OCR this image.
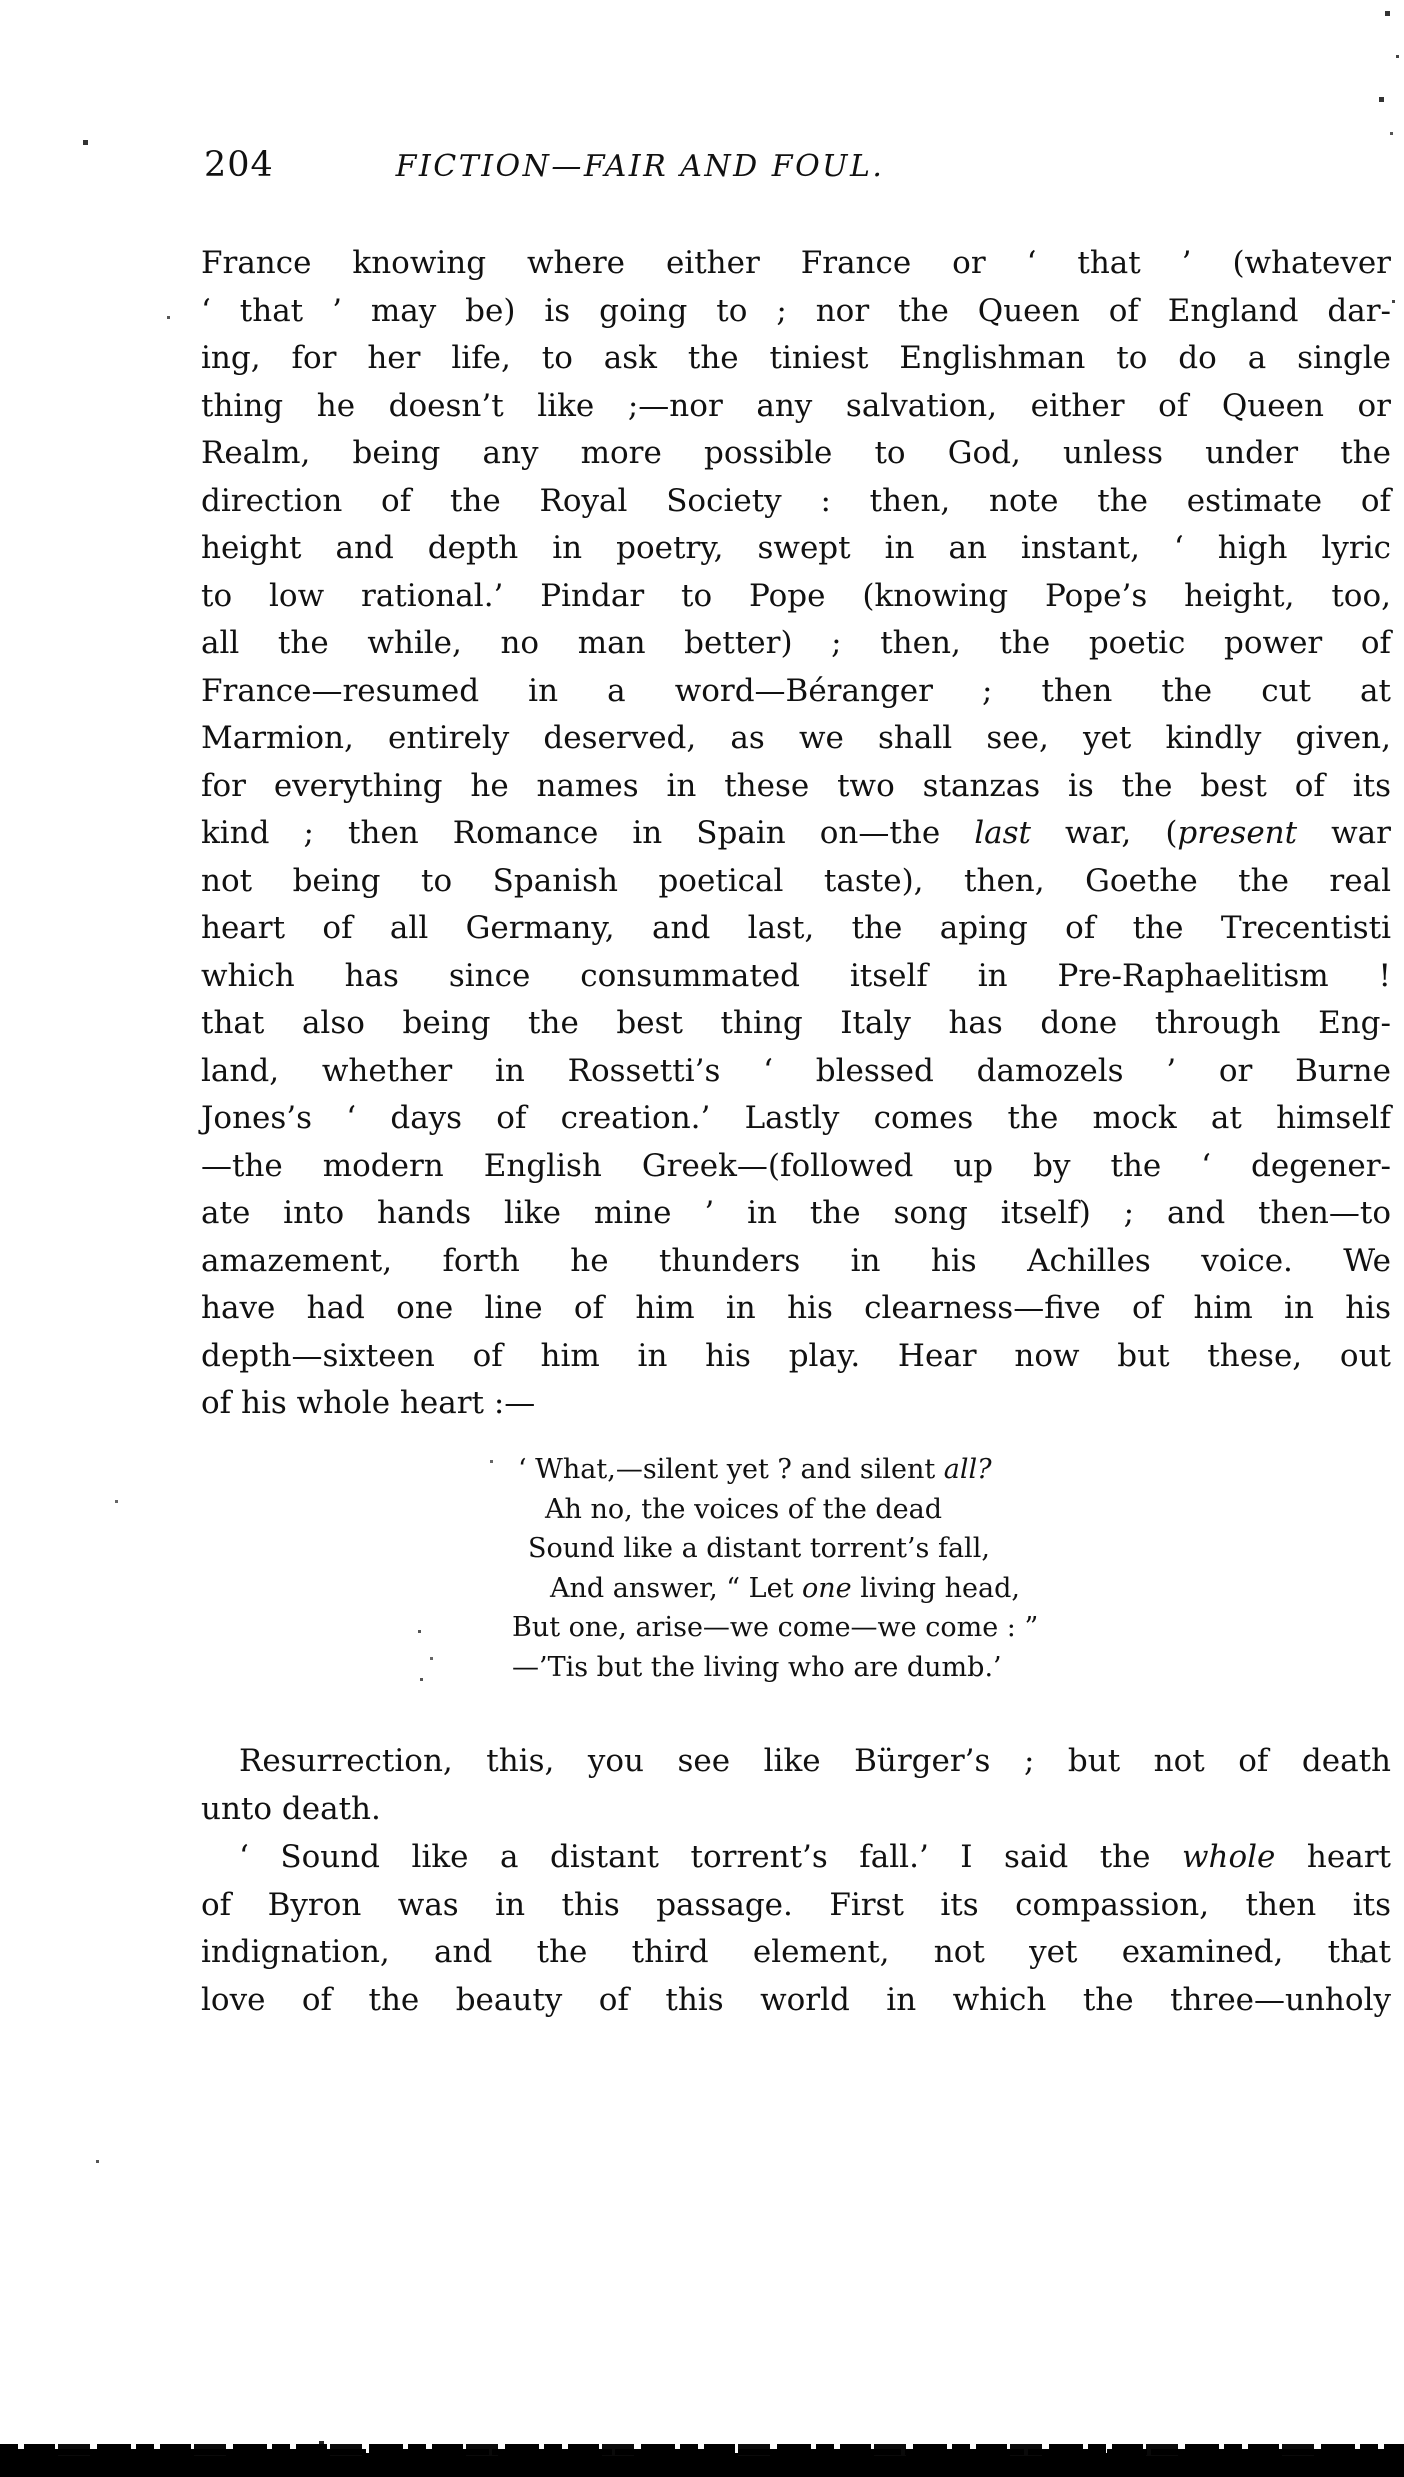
204	FICTION—FAIR AND FOUL.
France knowing where either France or ‘ that ’ (whatever
‘ that ’ may be) is going to ; nor the Queen of England dar-
ing, for her life, to ask the tiniest Englishman to do a single
thing he doesn’t like ;—nor any salvation, either of Queen or
Realm, being any more possible to God, unless under the
direction of the Royal Society : then, note the estimate of
height and depth in poetry, swept in an instant, ‘ high lyric
to low rational.’ Pindar to Pope (knowing Pope’s height, too,
all the while, no man better) ; then, the poetic power of
France—resumed in a word—Béranger ; then the cut at
Marmion, entirely deserved, as we shall see, yet kindly given,
for everything he names in these two stanzas is the best of its
kind ; then Romance in Spain on—the last war, (present war
not being to Spanish poetical taste), then, Goethe the real
heart of all Germany, and last, the aping of the Trecentisti
which has since consummated itself in Pre-Raphaelitism !
that also being the best thing Italy has done through Eng-
land, whether in Rossetti’s ‘ blessed damozels ’ or Burne
Jones’s ‘ days of creation.’ Lastly comes the mock at himself
—the modern English Greek—(followed up by the ‘ degener-
ate into hands like mine ’ in the song itself) ; and then—to
amazement, forth he thunders in his Achilles voice. We
have had one line of him in his clearness—five of him in his
depth—sixteen of him in his play. Hear now but these, out
of his whole heart :—
‘ What,—silent yet ? and silent all?
Ah no, the voices of the dead
Sound like a distant torrent’s fall,
And answer, “ Let one living head,
But one, arise—we come—we come : ”
—’Tis but the living who are dumb.’
Resurrection, this, you see like Bürger’s ; but not of death
unto death.
‘ Sound like a distant torrent’s fall.’ I said the whole heart
of Byron was in this passage. First its compassion, then its
indignation, and the third element, not yet examined, that
love of the beauty of this world in which the three—unholy
